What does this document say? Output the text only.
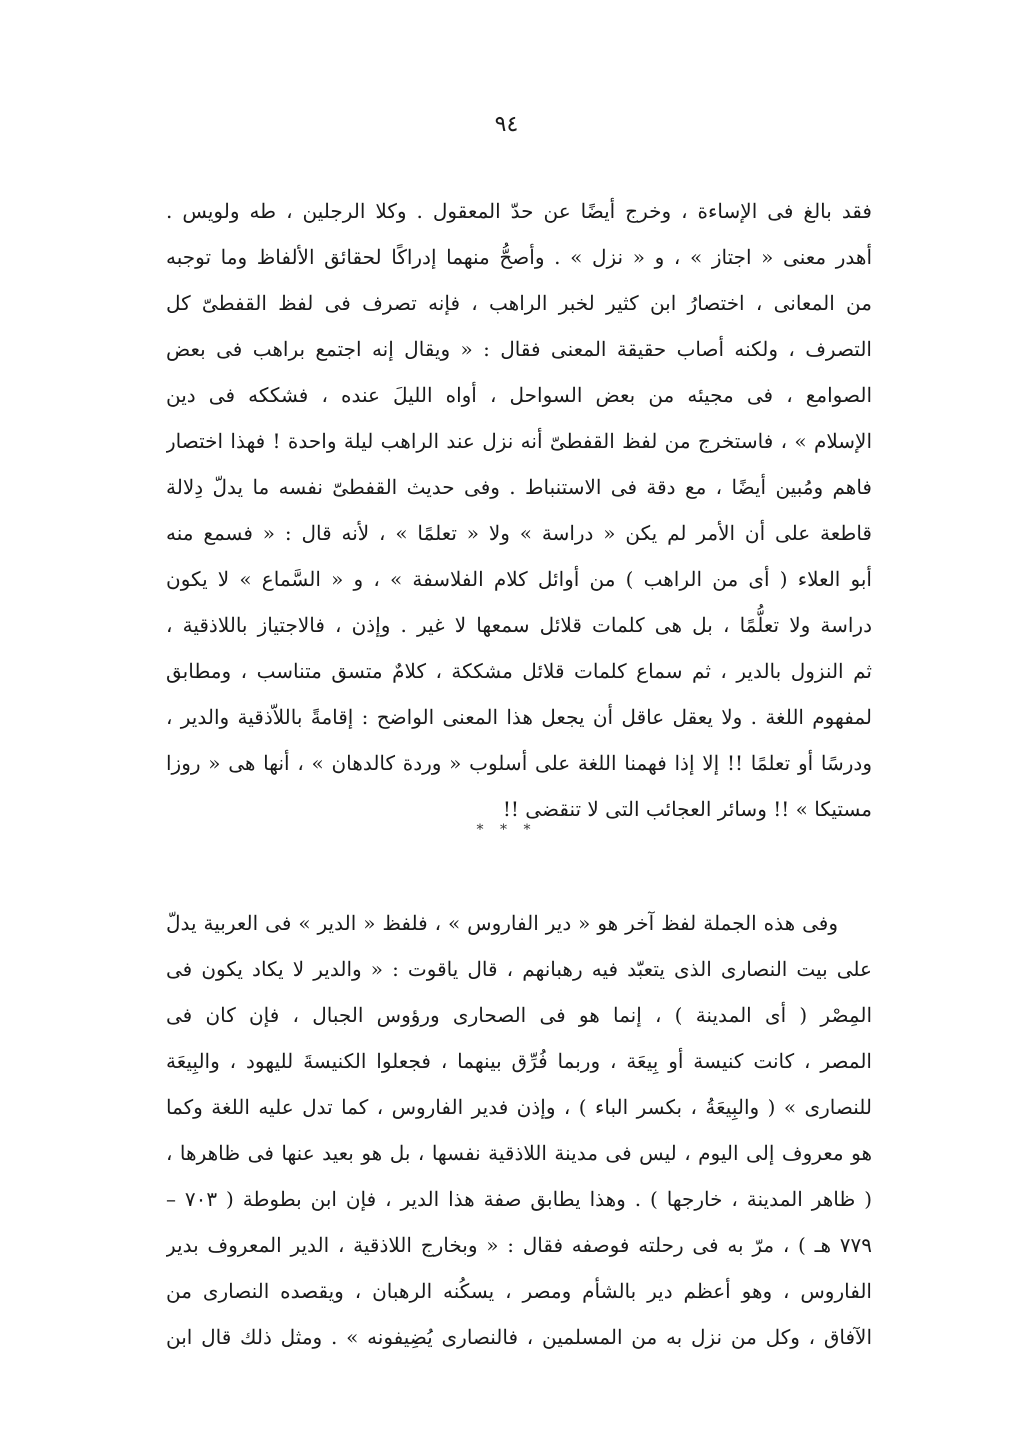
٩٤
فقد بالغ فى الإساءة ، وخرج أيضًا عن حدّ المعقول . وكلا الرجلين ، طه ولويس .
أهدر معنى « اجتاز » ، و « نزل » . وأصحُّ منهما إدراكًا لحقائق الألفاظ وما توجبه
من المعانى ، اختصارُ ابن كثير لخبر الراهب ، فإنه تصرف فى لفظ القفطىّ كل
التصرف ، ولكنه أصاب حقيقة المعنى فقال : « ويقال إنه اجتمع براهب فى بعض
الصوامع ، فى مجيئه من بعض السواحل ، أواه الليلَ عنده ، فشككه فى دين
الإسلام » ، فاستخرج من لفظ القفطىّ أنه نزل عند الراهب ليلة واحدة ! فهذا اختصار
فاهم ومُبين أيضًا ، مع دقة فى الاستنباط . وفى حديث القفطىّ نفسه ما يدلّ دِلالة
قاطعة على أن الأمر لم يكن « دراسة » ولا « تعلمًا » ، لأنه قال : « فسمع منه
أبو العلاء ( أى من الراهب ) من أوائل كلام الفلاسفة » ، و « السَّماع » لا يكون
دراسة ولا تعلُّمًا ، بل هى كلمات قلائل سمعها لا غير . وإذن ، فالاجتياز باللاذقية ،
ثم النزول بالدير ، ثم سماع كلمات قلائل مشككة ، كلامٌ متسق متناسب ، ومطابق
لمفهوم اللغة . ولا يعقل عاقل أن يجعل هذا المعنى الواضح : إقامةً باللاّذقية والدير ،
ودرسًا أو تعلمًا !! إلا إذا فهمنا اللغة على أسلوب « وردة كالدهان » ، أنها هى « روزا
مستيكا » !! وسائر العجائب التى لا تنقضى !!
* * *
وفى هذه الجملة لفظ آخر هو « دير الفاروس » ، فلفظ « الدير » فى العربية يدلّ
على بيت النصارى الذى يتعبّد فيه رهبانهم ، قال ياقوت : « والدير لا يكاد يكون فى
المِصْر ( أى المدينة ) ، إنما هو فى الصحارى ورؤوس الجبال ، فإن كان فى
المصر ، كانت كنيسة أو بِيعَة ، وربما فُرِّق بينهما ، فجعلوا الكنيسةَ لليهود ، والبِيعَة
للنصارى » ( والبِيعَةُ ، بكسر الباء ) ، وإذن فدير الفاروس ، كما تدل عليه اللغة وكما
هو معروف إلى اليوم ، ليس فى مدينة اللاذقية نفسها ، بل هو بعيد عنها فى ظاهرها ،
( ظاهر المدينة ، خارجها ) . وهذا يطابق صفة هذا الدير ، فإن ابن بطوطة ( ٧٠٣ –
٧٧٩ هـ ) ، مرّ به فى رحلته فوصفه فقال : « وبخارج اللاذقية ، الدير المعروف بدير
الفاروس ، وهو أعظم دير بالشأم ومصر ، يسكُنه الرهبان ، ويقصده النصارى من
الآفاق ، وكل من نزل به من المسلمين ، فالنصارى يُضِيفونه » . ومثل ذلك قال ابن
